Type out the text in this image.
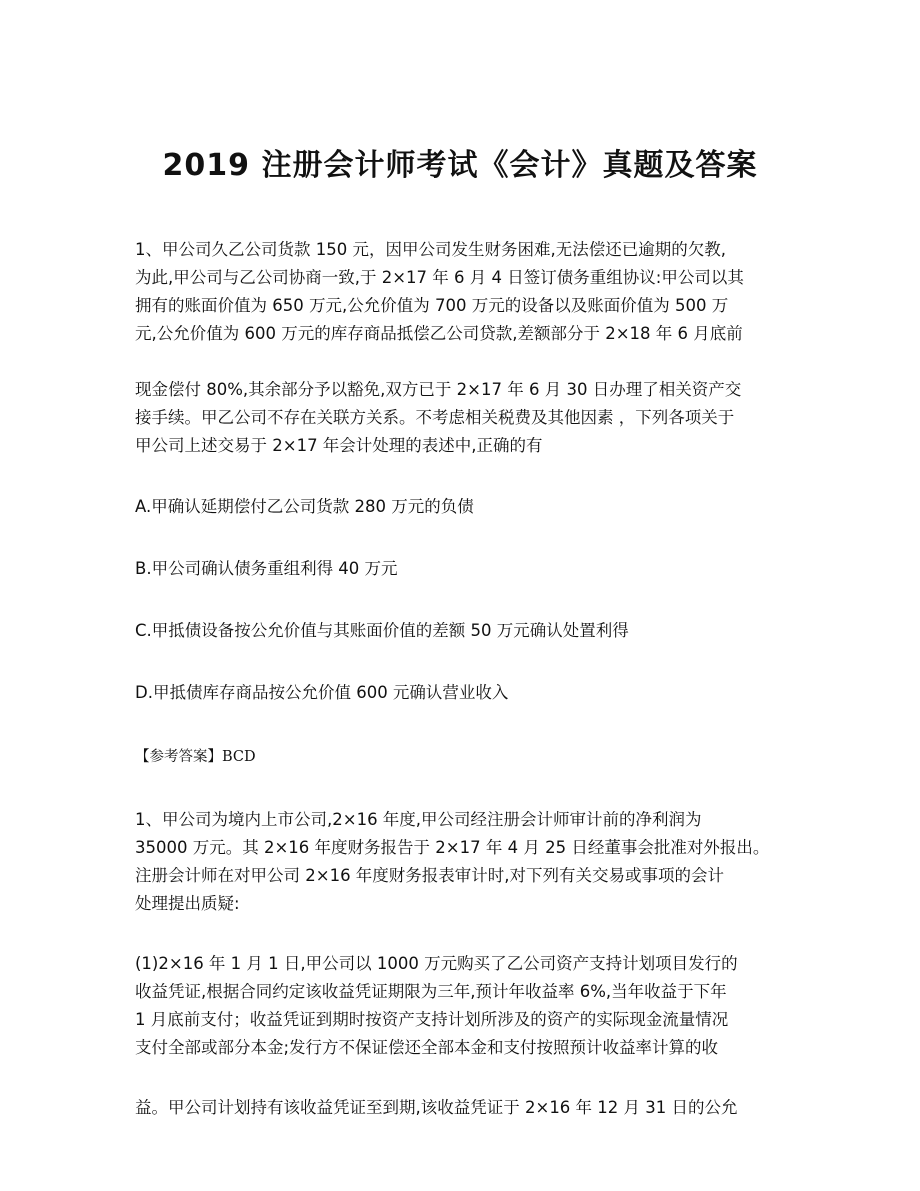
2019 注册会计师考试《会计》真题及答案
1、甲公司久乙公司货款 150 元，因甲公司发生财务困难,无法偿还已逾期的欠教,
为此,甲公司与乙公司协商一致,于 2×17 年 6 月 4 日签订债务重组协议:甲公司以其
拥有的账面价值为 650 万元,公允价值为 700 万元的设备以及账面价值为 500 万
元,公允价值为 600 万元的库存商品抵偿乙公司贷款,差额部分于 2×18 年 6 月底前
现金偿付 80%,其余部分予以豁免,双方已于 2×17 年 6 月 30 日办理了相关资产交
接手续。甲乙公司不存在关联方关系。不考虑相关税费及其他因素 ，下列各项关于
甲公司上述交易于 2×17 年会计处理的表述中,正确的有
A.甲确认延期偿付乙公司货款 280 万元的负债
B.甲公司确认债务重组利得 40 万元
C.甲抵债设备按公允价值与其账面价值的差额 50 万元确认处置利得
D.甲抵债库存商品按公允价值 600 元确认营业收入
【参考答案】BCD
1、甲公司为境内上市公司,2×16 年度,甲公司经注册会计师审计前的净利润为
35000 万元。其 2×16 年度财务报告于 2×17 年 4 月 25 日经董事会批准对外报出。
注册会计师在对甲公司 2×16 年度财务报表审计时,对下列有关交易或事项的会计
处理提出质疑:
(1)2×16 年 1 月 1 日,甲公司以 1000 万元购买了乙公司资产支持计划项目发行的
收益凭证,根据合同约定该收益凭证期限为三年,预计年收益率 6%,当年收益于下年
1 月底前支付；收益凭证到期时按资产支持计划所涉及的资产的实际现金流量情况
支付全部或部分本金;发行方不保证偿还全部本金和支付按照预计收益率计算的收
益。甲公司计划持有该收益凭证至到期,该收益凭证于 2×16 年 12 月 31 日的公允
